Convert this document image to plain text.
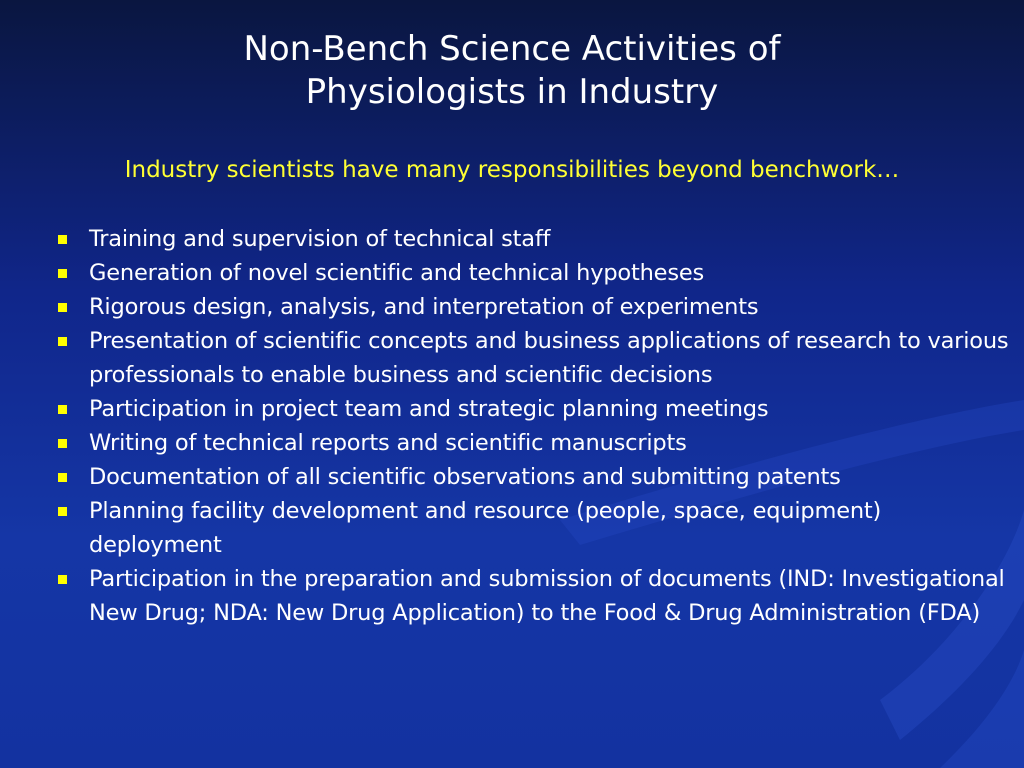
Non-Bench Science Activities of
Physiologists in Industry
Industry scientists have many responsibilities beyond benchwork…
Training and supervision of technical staff
Generation of novel scientific and technical hypotheses
Rigorous design, analysis, and interpretation of experiments
Presentation of scientific concepts and business applications of research to various professionals to enable business and scientific decisions
Participation in project team and strategic planning meetings
Writing of technical reports and scientific manuscripts
Documentation of all scientific observations and submitting patents
Planning facility development and resource (people, space, equipment) deployment
Participation in the preparation and submission of documents (IND: Investigational New Drug; NDA: New Drug Application) to the Food & Drug Administration (FDA)
